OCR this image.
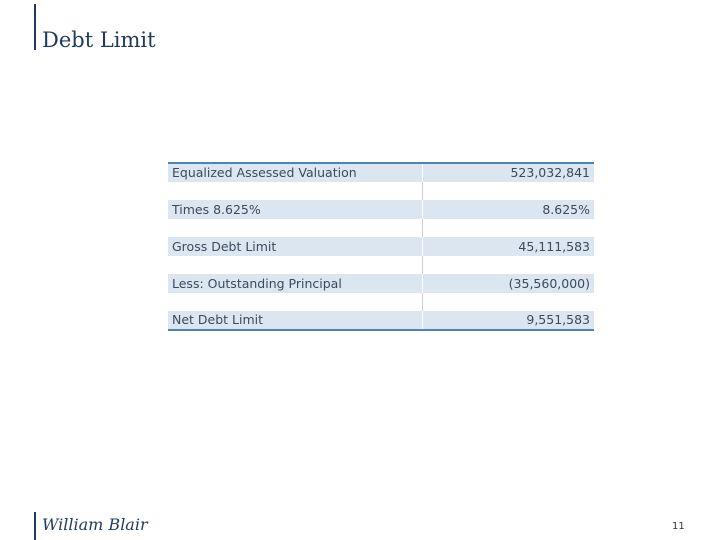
Debt Limit
Equalized Assessed Valuation	523,032,841

Times 8.625%	8.625%

Gross Debt Limit	45,111,583

Less: Outstanding Principal	(35,560,000)

Net Debt Limit	9,551,583
William Blair	11
